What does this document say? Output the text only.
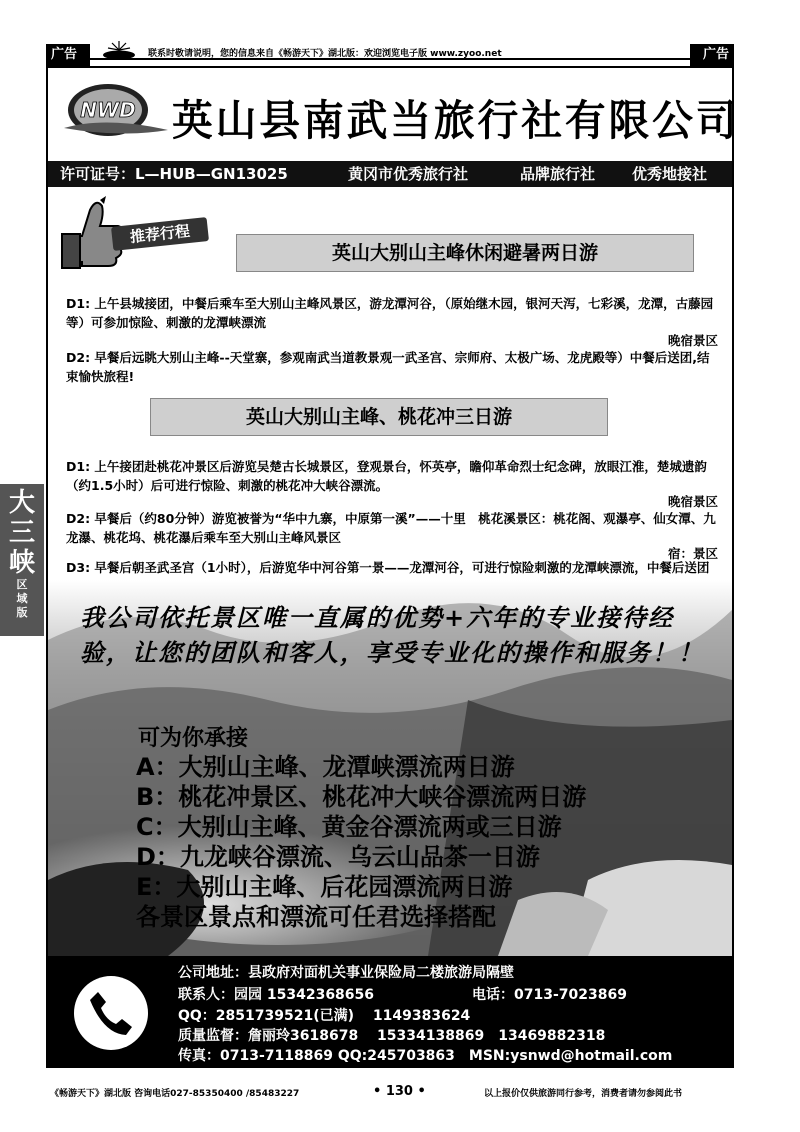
广告	广告
联系时敬请说明，您的信息来自《畅游天下》湖北版：欢迎浏览电子版 www.zyoo.net
NWD 英山县南武当旅行社有限公司
许可证号：L—HUB—GN13025	黄冈市优秀旅行社	品牌旅行社 优秀地接社
推荐行程
英山大别山主峰休闲避暑两日游
D1: 上午县城接团，中餐后乘车至大别山主峰风景区，游龙潭河谷，（原始继木园，银河天泻，七彩溪，龙潭，古藤园等）可参加惊险、刺激的龙潭峡漂流
晚宿景区
D2: 早餐后远眺大别山主峰--天堂寨，参观南武当道教景观一武圣宫、宗师府、太极广场、龙虎殿等）中餐后送团,结束愉快旅程!
英山大别山主峰、桃花冲三日游
D1: 上午接团赴桃花冲景区后游览吴楚古长城景区，登观景台，怀英亭，瞻仰革命烈士纪念碑，放眼江淮，楚城遗韵（约1.5小时）后可进行惊险、刺激的桃花冲大峡谷漂流。
晚宿景区
D2: 早餐后（约80分钟）游览被誉为“华中九寨，中原第一溪”——十里　桃花溪景区：桃花阁、观瀑亭、仙女潭、九龙瀑、桃花坞、桃花瀑后乘车至大别山主峰风景区
宿：景区
D3: 早餐后朝圣武圣宫（1小时），后游览华中河谷第一景——龙潭河谷，可进行惊险刺激的龙潭峡漂流，中餐后送团
大
三
峡
区
域
版	我公司依托景区唯一直属的优势+六年的专业接待经验，让您的团队和客人，享受专业化的操作和服务！！
可为你承接
A：大别山主峰、龙潭峡漂流两日游
B：桃花冲景区、桃花冲大峡谷漂流两日游
C：大别山主峰、黄金谷漂流两或三日游
D：九龙峡谷漂流、乌云山品茶一日游
E：大别山主峰、后花园漂流两日游
各景区景点和漂流可任君选择搭配
公司地址：县政府对面机关事业保险局二楼旅游局隔壁
联系人：园园 15342368656	电话：0713-7023869
QQ：2851739521(已满)　 1149383624
质量监督：詹丽玲3618678　 15334138869　13469882318
传真：0713-7118869 QQ:245703863　MSN:ysnwd@hotmail.com
《畅游天下》湖北版 咨询电话027-85350400 /85483227	• 130 •	以上报价仅供旅游同行参考，消费者请勿参阅此书
